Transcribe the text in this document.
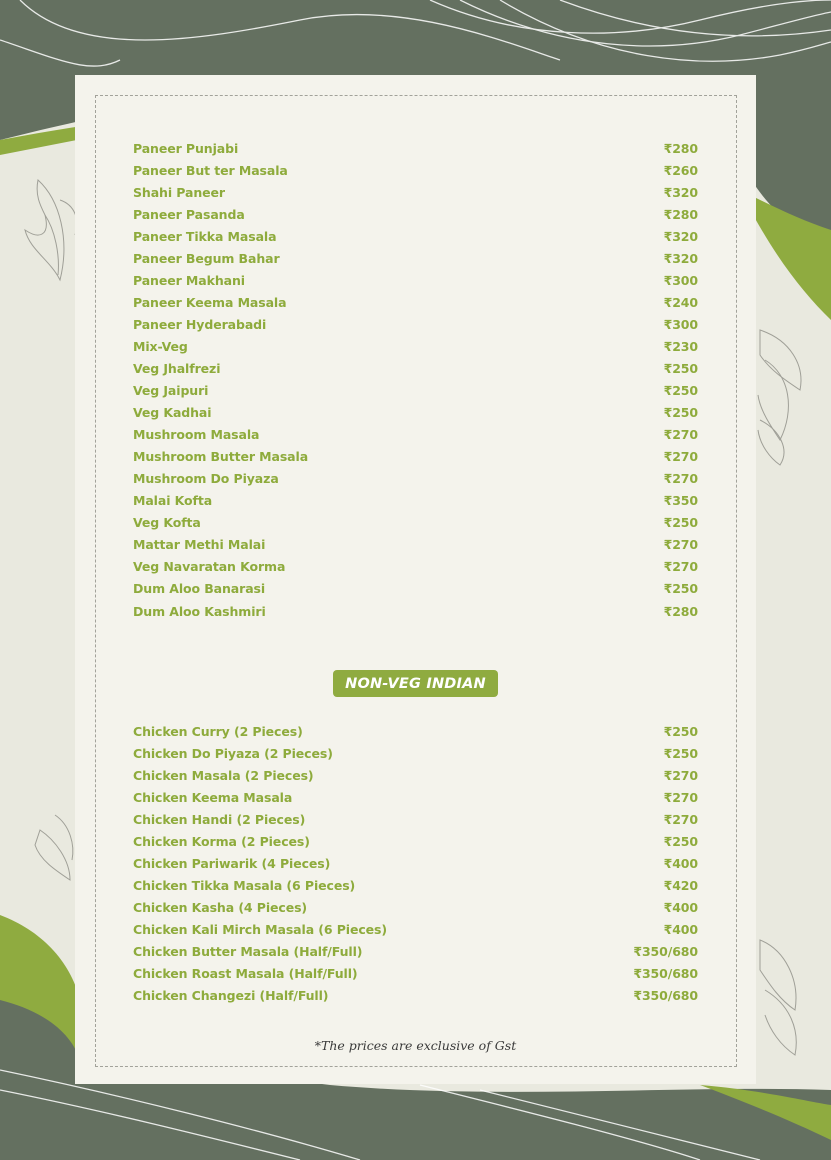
Paneer Punjabi	₹280
Paneer But ter Masala	₹260
Shahi Paneer	₹320
Paneer Pasanda	₹280
Paneer Tikka Masala	₹320
Paneer Begum Bahar	₹320
Paneer Makhani	₹300
Paneer Keema Masala	₹240
Paneer Hyderabadi	₹300
Mix-Veg	₹230
Veg Jhalfrezi	₹250
Veg Jaipuri	₹250
Veg Kadhai	₹250
Mushroom Masala	₹270
Mushroom Butter Masala	₹270
Mushroom Do Piyaza	₹270
Malai Kofta	₹350
Veg Kofta	₹250
Mattar Methi Malai	₹270
Veg Navaratan Korma	₹270
Dum Aloo Banarasi	₹250
Dum Aloo Kashmiri	₹280
NON-VEG INDIAN
Chicken Curry (2 Pieces)	₹250
Chicken Do Piyaza (2 Pieces)	₹250
Chicken Masala (2 Pieces)	₹270
Chicken Keema Masala	₹270
Chicken Handi (2 Pieces)	₹270
Chicken Korma (2 Pieces)	₹250
Chicken Pariwarik (4 Pieces)	₹400
Chicken Tikka Masala (6 Pieces)	₹420
Chicken Kasha (4 Pieces)	₹400
Chicken Kali Mirch Masala (6 Pieces)	₹400
Chicken Butter Masala (Half/Full)	₹350/680
Chicken Roast Masala (Half/Full)	₹350/680
Chicken Changezi (Half/Full)	₹350/680
*The prices are exclusive of Gst
